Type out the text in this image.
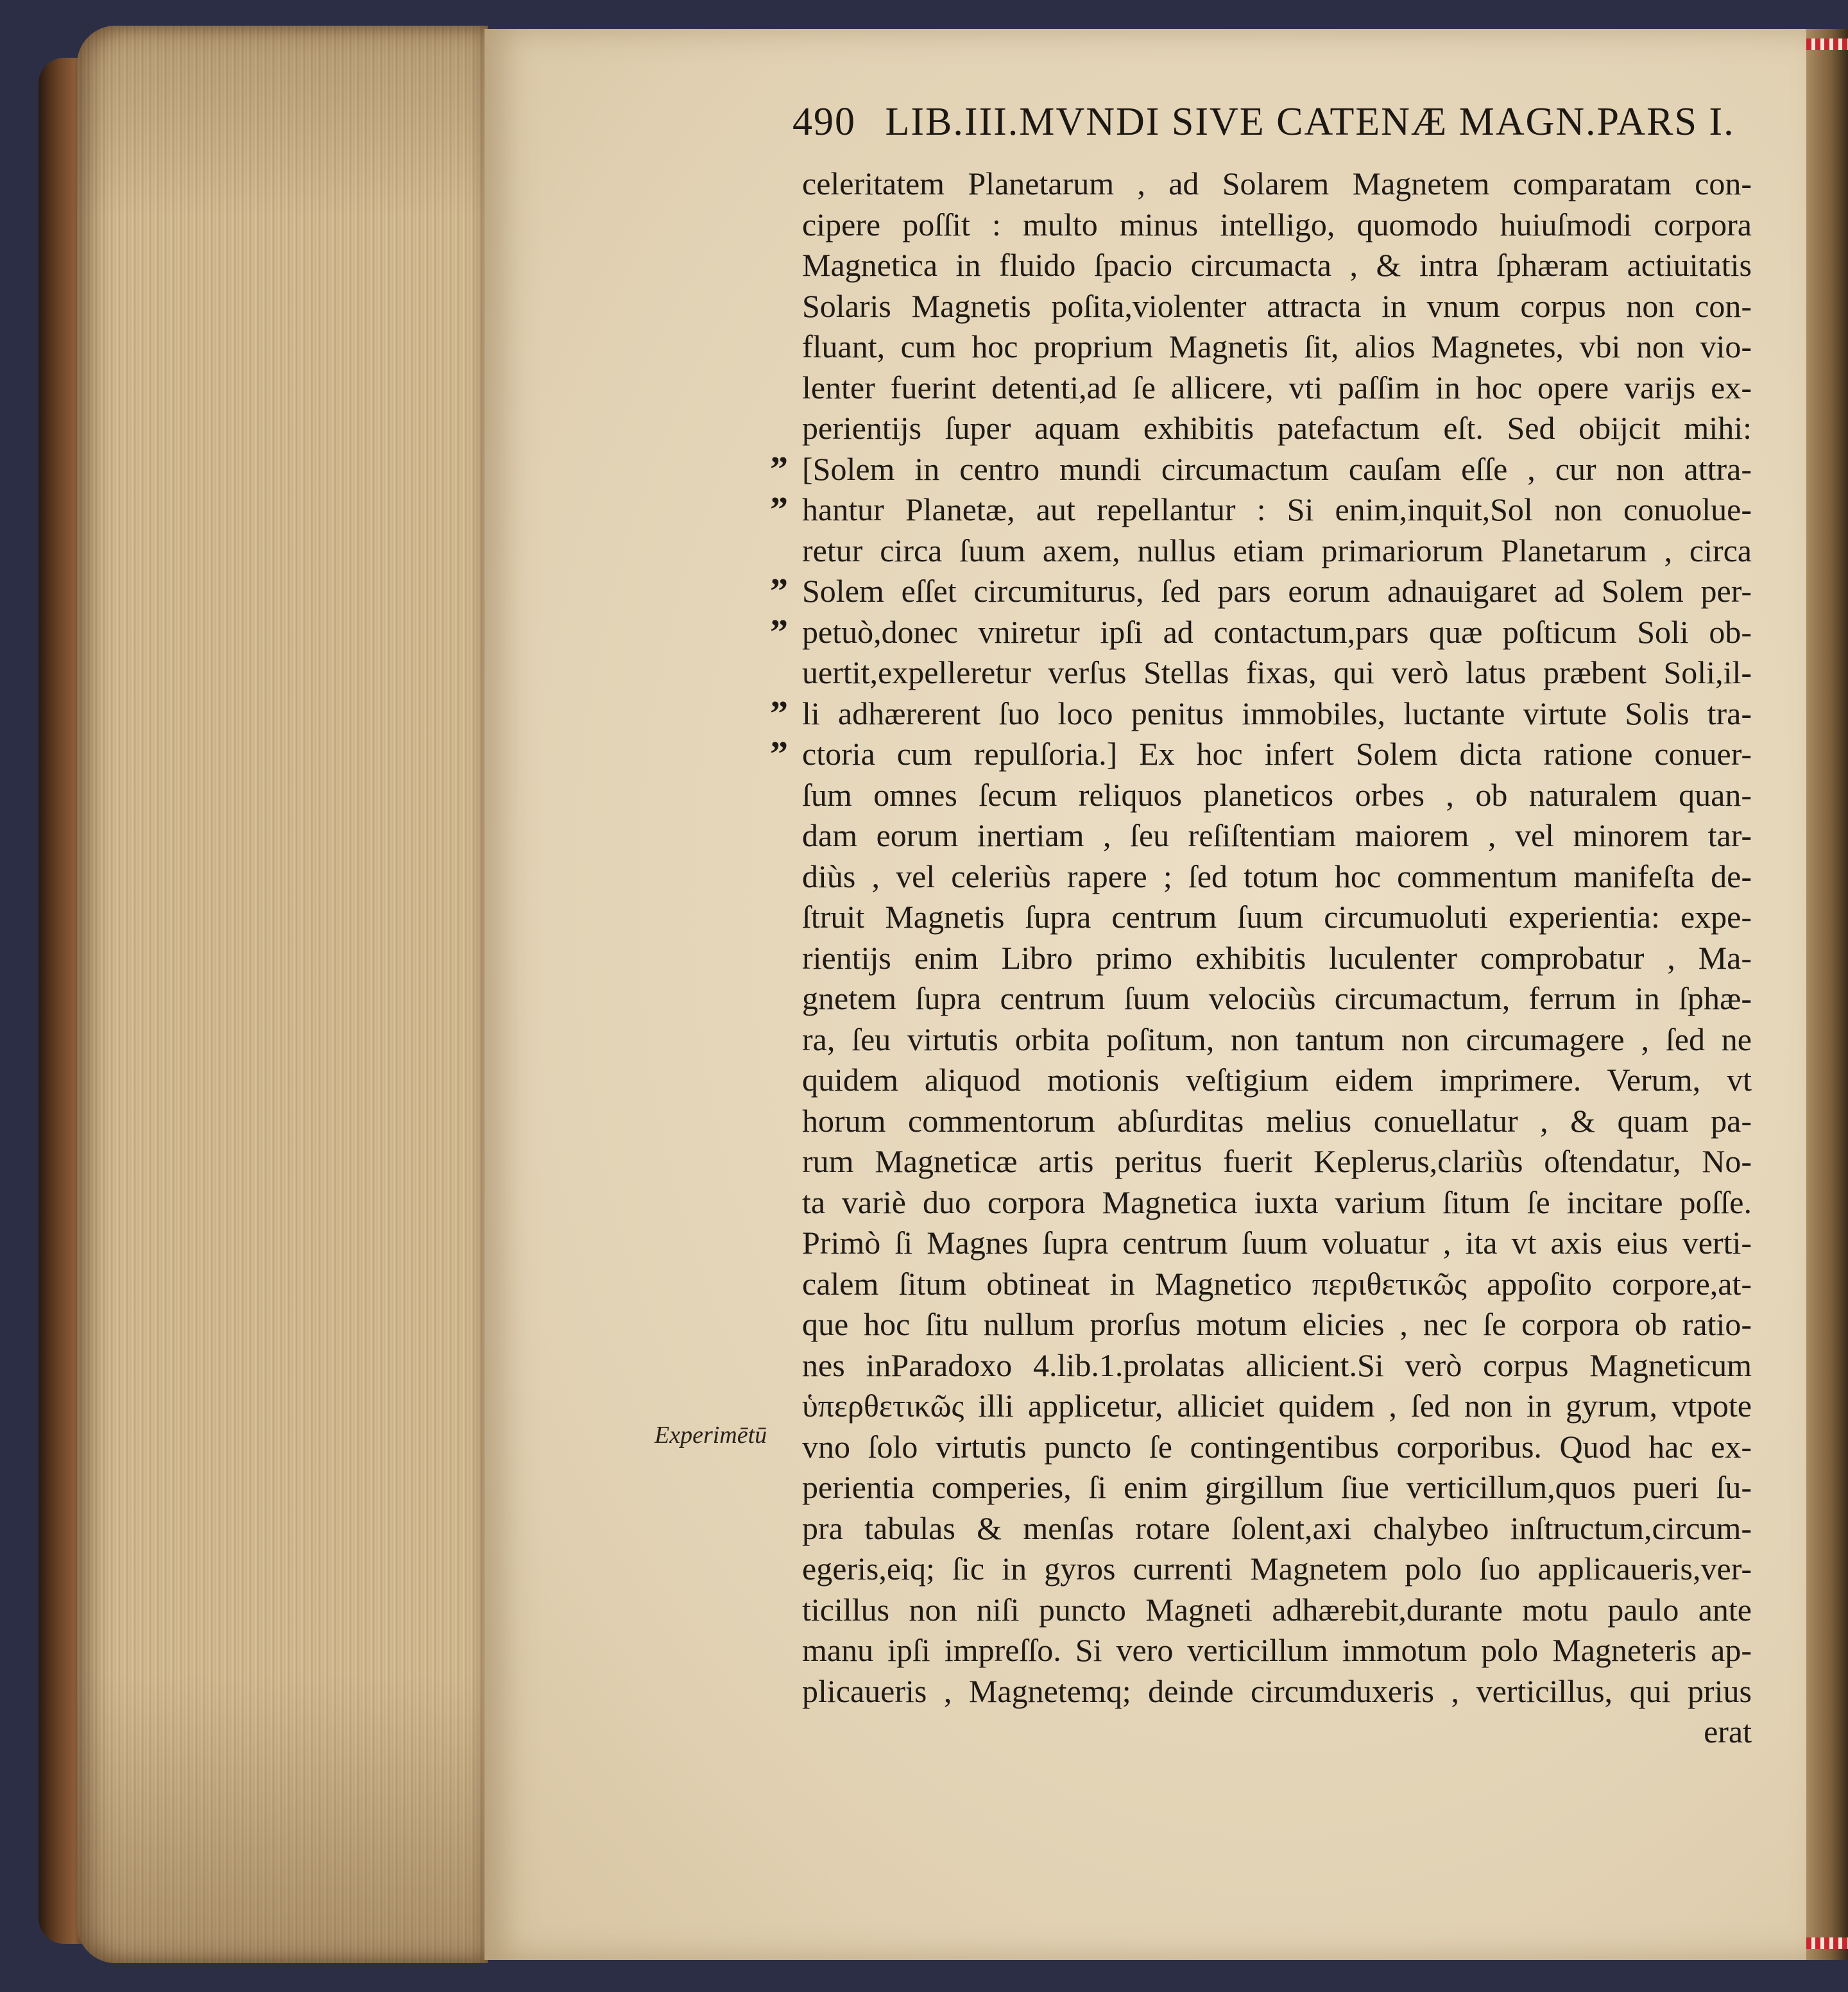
490 LIB.III.MVNDI SIVE CATENÆ MAGN.PARS I.
celeritatem Planetarum , ad Solarem Magnetem comparatam con-
cipere poſſit : multo minus intelligo, quomodo huiuſmodi corpora
Magnetica in fluido ſpacio circumacta , & intra ſphæram actiuitatis
Solaris Magnetis poſita,violenter attracta in vnum corpus non con-
fluant, cum hoc proprium Magnetis ſit, alios Magnetes, vbi non vio-
lenter fuerint detenti,ad ſe allicere, vti paſſim in hoc opere varijs ex-
perientijs ſuper aquam exhibitis patefactum eſt. Sed obijcit mihi:
[Solem in centro mundi circumactum cauſam eſſe , cur non attra-
hantur Planetæ, aut repellantur : Si enim,inquit,Sol non conuolue-
retur circa ſuum axem, nullus etiam primariorum Planetarum , circa
Solem eſſet circumiturus, ſed pars eorum adnauigaret ad Solem per-
petuò,donec vniretur ipſi ad contactum,pars quæ poſticum Soli ob-
uertit,expelleretur verſus Stellas fixas, qui verò latus præbent Soli,il-
li adhærerent ſuo loco penitus immobiles, luctante virtute Solis tra-
ctoria cum repulſoria.] Ex hoc infert Solem dicta ratione conuer-
ſum omnes ſecum reliquos planeticos orbes , ob naturalem quan-
dam eorum inertiam , ſeu reſiſtentiam maiorem , vel minorem tar-
diùs , vel celeriùs rapere ; ſed totum hoc commentum manifeſta de-
ſtruit Magnetis ſupra centrum ſuum circumuoluti experientia: expe-
rientijs enim Libro primo exhibitis luculenter comprobatur , Ma-
gnetem ſupra centrum ſuum velociùs circumactum, ferrum in ſphæ-
ra, ſeu virtutis orbita poſitum, non tantum non circumagere , ſed ne
quidem aliquod motionis veſtigium eidem imprimere. Verum, vt
horum commentorum abſurditas melius conuellatur , & quam pa-
rum Magneticæ artis peritus fuerit Keplerus,clariùs oſtendatur, No-
ta variè duo corpora Magnetica iuxta varium ſitum ſe incitare poſſe.
Primò ſi Magnes ſupra centrum ſuum voluatur , ita vt axis eius verti-
calem ſitum obtineat in Magnetico περιθετικῶς appoſito corpore,at-
que hoc ſitu nullum prorſus motum elicies , nec ſe corpora ob ratio-
nes inParadoxo 4.lib.1.prolatas allicient.Si verò corpus Magneticum
ὑπερθετικῶς illi applicetur, alliciet quidem , ſed non in gyrum, vtpote
vno ſolo virtutis puncto ſe contingentibus corporibus. Quod hac ex-
perientia comperies, ſi enim girgillum ſiue verticillum,quos pueri ſu-
pra tabulas & menſas rotare ſolent,axi chalybeo inſtructum,circum-
egeris,eiq; ſic in gyros currenti Magnetem polo ſuo applicaueris,ver-
ticillus non niſi puncto Magneti adhærebit,durante motu paulo ante
manu ipſi impreſſo. Si vero verticillum immotum polo Magneteris ap-
plicaueris , Magnetemq; deinde circumduxeris , verticillus, qui prius
erat
”
”
”
”
”
”
Experimētū
